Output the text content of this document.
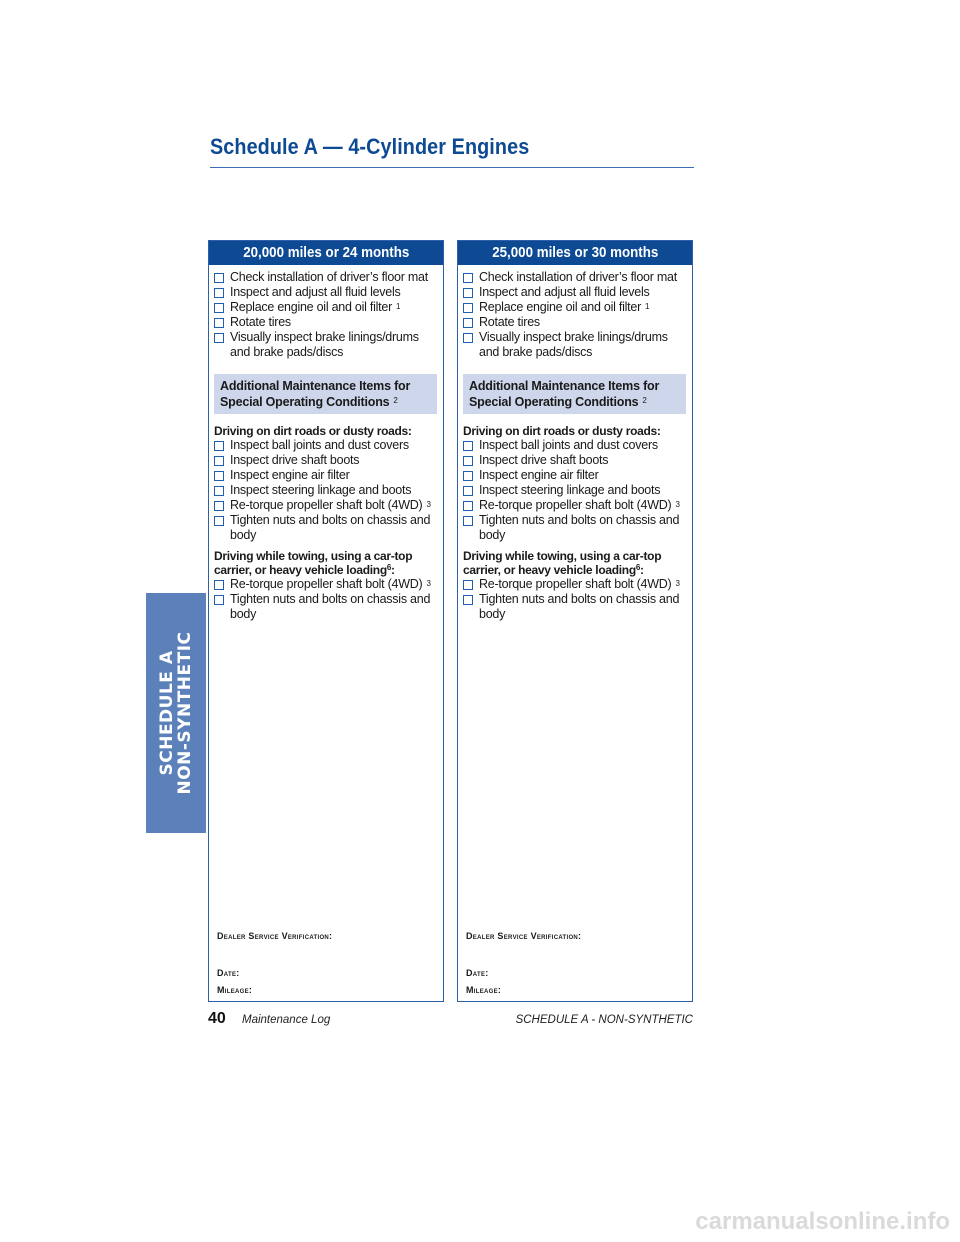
Schedule A — 4-Cylinder Engines
SCHEDULE A
NON-SYNTHETIC
20,000 miles or 24 months
Check installation of driver’s floor mat
Inspect and adjust all fluid levels
Replace engine oil and oil filter $^1$
Rotate tires
Visually inspect brake linings/drums and brake pads/discs
Additional Maintenance Items for Special Operating Conditions $^2$
Driving on dirt roads or dusty roads:
Inspect ball joints and dust covers
Inspect drive shaft boots
Inspect engine air filter
Inspect steering linkage and boots
Re-torque propeller shaft bolt (4WD) $^3$
Tighten nuts and bolts on chassis and body
Driving while towing, using a car-top carrier, or heavy vehicle loading$^6$:
Re-torque propeller shaft bolt (4WD) $^3$
Tighten nuts and bolts on chassis and body
Dealer Service Verification:
Date:
Mileage:
25,000 miles or 30 months
Check installation of driver’s floor mat
Inspect and adjust all fluid levels
Replace engine oil and oil filter $^1$
Rotate tires
Visually inspect brake linings/drums and brake pads/discs
Additional Maintenance Items for Special Operating Conditions $^2$
Driving on dirt roads or dusty roads:
Inspect ball joints and dust covers
Inspect drive shaft boots
Inspect engine air filter
Inspect steering linkage and boots
Re-torque propeller shaft bolt (4WD) $^3$
Tighten nuts and bolts on chassis and body
Driving while towing, using a car-top carrier, or heavy vehicle loading$^6$:
Re-torque propeller shaft bolt (4WD) $^3$
Tighten nuts and bolts on chassis and body
Dealer Service Verification:
Date:
Mileage:
40 Maintenance Log	SCHEDULE A - NON-SYNTHETIC
carmanualsonline.info
